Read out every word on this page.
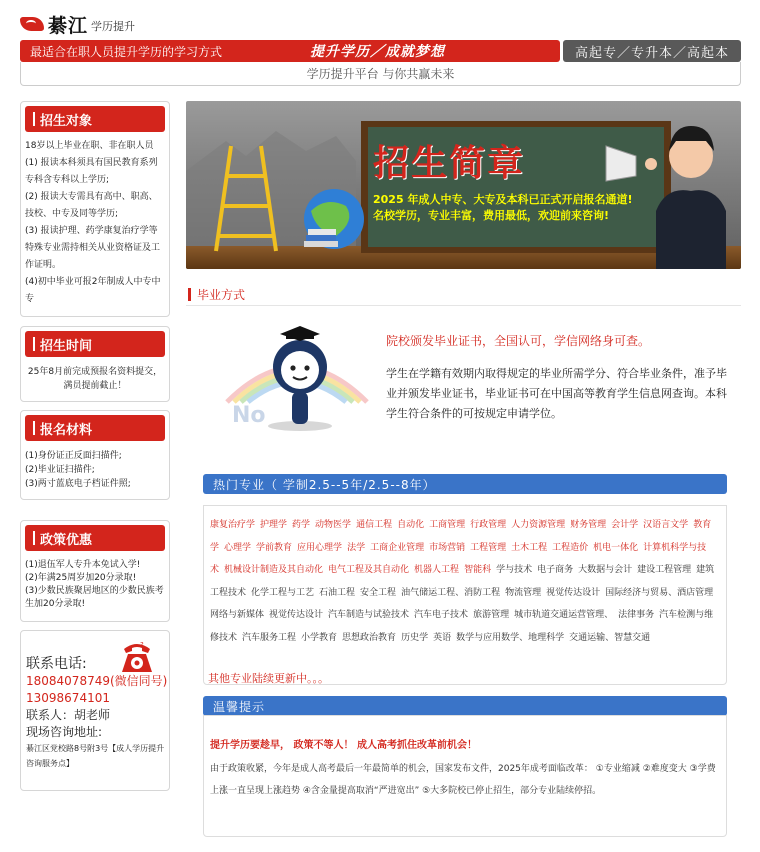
綦江 学历提升
最适合在职人员提升学历的学习方式	提升学历／成就梦想	高起专／专升本／高起本
学历提升平台 与你共赢未来
招生对象

18岁以上毕业在职、非在职人员

(1) 报读本科须具有国民教育系列专科含专科以上学历;

(2) 报读大专需具有高中、职高、技校、中专及同等学历;

(3) 报读护理、药学康复治疗学等特殊专业需持相关从业资格证及工作证明。

(4)初中毕业可报2年制成人中专中专

招生时间
25年8月前完成预报名资料提交，满员提前截止！
报名材料

(1)身份证正反面扫描件;

(2)毕业证扫描件;

(3)两寸蓝底电子档证件照;

政策优惠

(1)退伍军人专升本免试入学!

(2)年满25周岁加20分录取!

(3)少数民族聚居地区的少数民族考生加20分录取!

?
联系电话:
18084078749(微信同号)
13098674101
联系人：胡老师
现场咨询地址:
綦江区党校路8号附3号【成人学历提升咨询服务点】
招生简章
2025 年成人中专、大专及本科已正式开启报名通道!
名校学历，专业丰富，费用最低，欢迎前来咨询!
毕业方式
No
院校颁发毕业证书，全国认可，学信网络身可查。
学生在学籍有效期内取得规定的毕业所需学分、符合毕业条件，准予毕业并颁发毕业证书，毕业证书可在中国高等教育学生信息网查询。本科学生符合条件的可按规定申请学位。
热门专业（ 学制2.5--5年/2.5--8年）
康复治疗学 护理学 药学 动物医学 通信工程 自动化 工商管理 行政管理 人力资源管理 财务管理 会计学 汉语言文学 教育学 心理学 学前教育 应用心理学 法学 工商企业管理 市场营销 工程管理 土木工程 工程造价 机电一体化 计算机科学与技术 机械设计制造及其自动化 电气工程及其自动化 机器人工程 智能科 学与技术 电子商务 大数据与会计 建设工程管理 建筑工程技术 化学工程与工艺 石油工程 安全工程 油气储运工程、消防工程 物流管理 视觉传达设计 国际经济与贸易、酒店管理网络与新媒体 视觉传达设计 汽车制造与试验技术 汽车电子技术 旅游管理 城市轨道交通运营管理、 法律事务 汽车检测与维修技术 汽车服务工程 小学教育 思想政治教育 历史学 英语 数学与应用数学、地理科学 交通运输、智慧交通
其他专业陆续更新中。。。
温馨提示
提升学历要趁早， 政策不等人！ 成人高考抓住改革前机会！
由于政策收紧，今年是成人高考最后一年最简单的机会，国家发布文件，2025年成考面临改革： ①专业缩减 ②难度变大 ③学费上涨一直呈现上涨趋势 ④含金量提高取消“严进宽出” ⑤大多院校已停止招生，部分专业陆续停招。
